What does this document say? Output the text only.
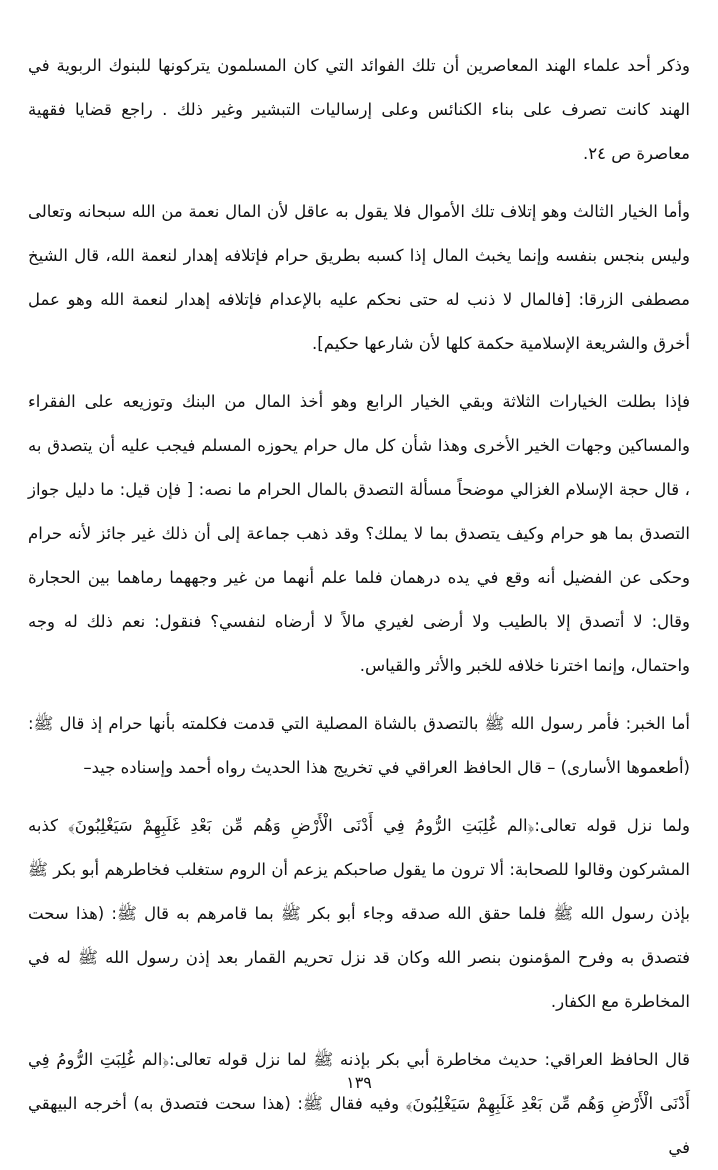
وذكر أحد علماء الهند المعاصرين أن تلك الفوائد التي كان المسلمون يتركونها للبنوك الربوية في الهند كانت تصرف على بناء الكنائس وعلى إرساليات التبشير وغير ذلك . راجع قضايا فقهية معاصرة ص ٢٤.

وأما الخيار الثالث وهو إتلاف تلك الأموال فلا يقول به عاقل لأن المال نعمة من الله سبحانه وتعالى وليس بنجس بنفسه وإنما يخبث المال إذا كسبه بطريق حرام فإتلافه إهدار لنعمة الله، قال الشيخ مصطفى الزرقا: [فالمال لا ذنب له حتى نحكم عليه بالإعدام فإتلافه إهدار لنعمة الله وهو عمل أخرق والشريعة الإسلامية حكمة كلها لأن شارعها حكيم].

فإذا بطلت الخيارات الثلاثة وبقي الخيار الرابع وهو أخذ المال من البنك وتوزيعه على الفقراء والمساكين وجهات الخير الأخرى وهذا شأن كل مال حرام يحوزه المسلم فيجب عليه أن يتصدق به ، قال حجة الإسلام الغزالي موضحاً مسألة التصدق بالمال الحرام ما نصه: [ فإن قيل: ما دليل جواز التصدق بما هو حرام وكيف يتصدق بما لا يملك؟ وقد ذهب جماعة إلى أن ذلك غير جائز لأنه حرام وحكى عن الفضيل أنه وقع في يده درهمان فلما علم أنهما من غير وجههما رماهما بين الحجارة وقال: لا أتصدق إلا بالطيب ولا أرضى لغيري مالاً لا أرضاه لنفسي؟ فنقول: نعم ذلك له وجه واحتمال، وإنما اخترنا خلافه للخبر والأثر والقياس.

أما الخبر: فأمر رسول الله ﷺ بالتصدق بالشاة المصلية التي قدمت فكلمته بأنها حرام إذ قال ﷺ: (أطعموها الأسارى) – قال الحافظ العراقي في تخريج هذا الحديث رواه أحمد وإسناده جيد–

ولما نزل قوله تعالى:﴿الم غُلِبَتِ الرُّومُ فِي أَدْنَى الْأَرْضِ وَهُم مِّن بَعْدِ غَلَبِهِمْ سَيَغْلِبُونَ﴾ كذبه المشركون وقالوا للصحابة: ألا ترون ما يقول صاحبكم يزعم أن الروم ستغلب فخاطرهم أبو بكر ﷺ بإذن رسول الله ﷺ فلما حقق الله صدقه وجاء أبو بكر ﷺ بما قامرهم به قال ﷺ: (هذا سحت فتصدق به وفرح المؤمنون بنصر الله وكان قد نزل تحريم القمار بعد إذن رسول الله ﷺ له في المخاطرة مع الكفار.

قال الحافظ العراقي: حديث مخاطرة أبي بكر بإذنه ﷺ لما نزل قوله تعالى:﴿الم غُلِبَتِ الرُّومُ فِي أَدْنَى الْأَرْضِ وَهُم مِّن بَعْدِ غَلَبِهِمْ سَيَغْلِبُونَ﴾ وفيه فقال ﷺ: (هذا سحت فتصدق به) أخرجه البيهقي في

١٣٩
